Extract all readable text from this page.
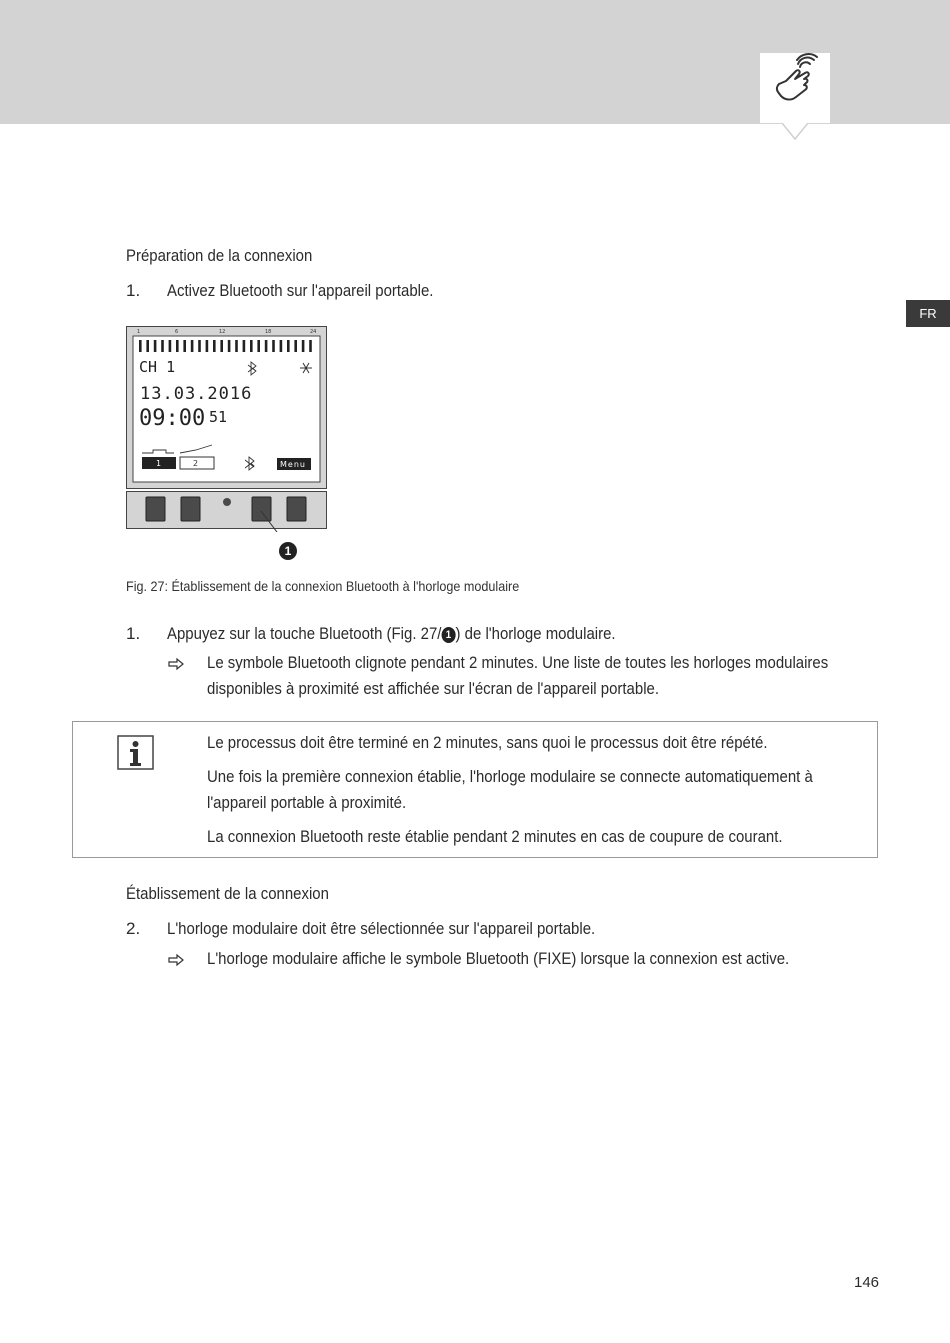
FR
Préparation de la connexion
1. Activez Bluetooth sur l'appareil portable.
1	6	12	18	24
CH 1
13.03.2016
09:00 51
1	2	Menu
1
Fig. 27: Établissement de la connexion Bluetooth à l'horloge modulaire
1. Appuyez sur la touche Bluetooth (Fig. 27/ 1 ) de l'horloge modulaire.
Le symbole Bluetooth clignote pendant 2 minutes. Une liste de toutes les horloges modulaires
disponibles à proximité est affichée sur l'écran de l'appareil portable.
Le processus doit être terminé en 2 minutes, sans quoi le processus doit être répété.
Une fois la première connexion établie, l'horloge modulaire se connecte automatiquement à
l'appareil portable à proximité.
La connexion Bluetooth reste établie pendant 2 minutes en cas de coupure de courant.
Établissement de la connexion
2. L'horloge modulaire doit être sélectionnée sur l'appareil portable.
L'horloge modulaire affiche le symbole Bluetooth (FIXE) lorsque la connexion est active.
146
